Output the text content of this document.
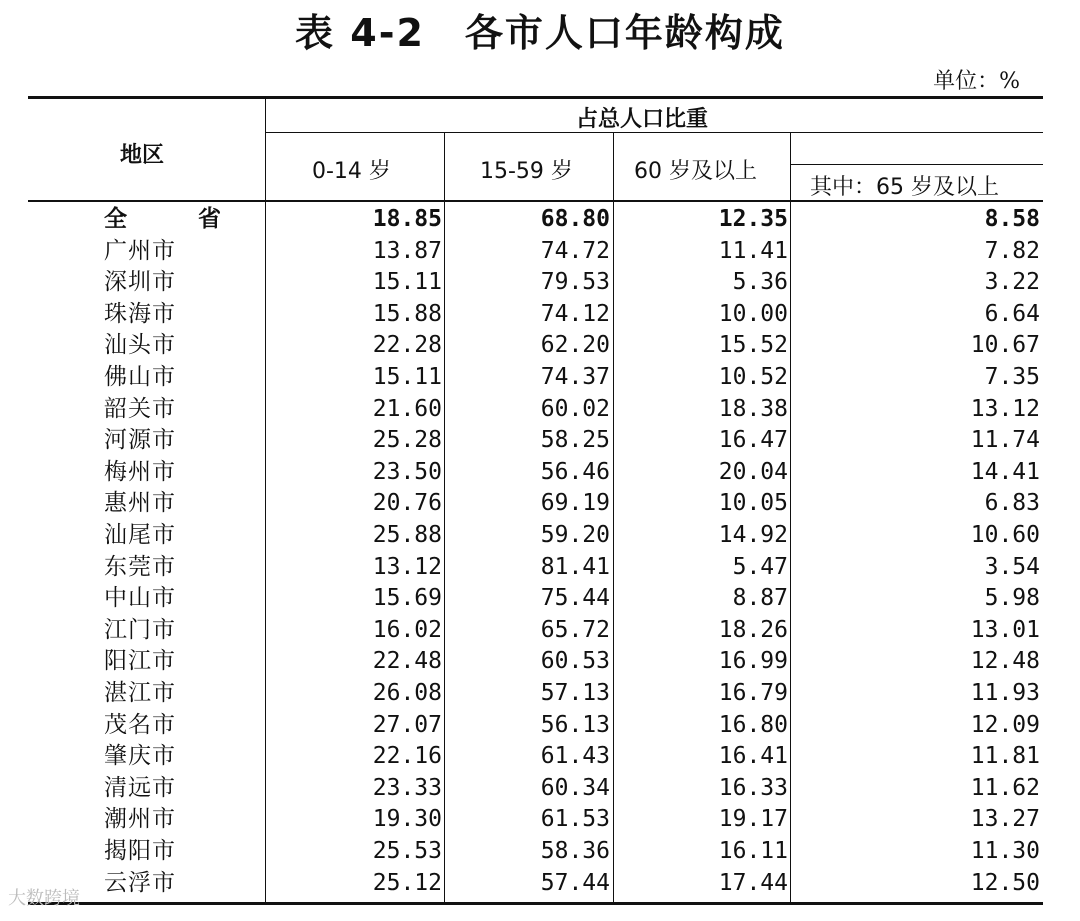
表 4-2　各市人口年龄构成
单位：%
地区
占总人口比重
0-14 岁	15-59 岁	60 岁及以上
其中：65 岁及以上
全　省	18.85	68.80	12.35	8.58
广州市	13.87	74.72	11.41	7.82
深圳市	15.11	79.53	5.36	3.22
珠海市	15.88	74.12	10.00	6.64
汕头市	22.28	62.20	15.52	10.67
佛山市	15.11	74.37	10.52	7.35
韶关市	21.60	60.02	18.38	13.12
河源市	25.28	58.25	16.47	11.74
梅州市	23.50	56.46	20.04	14.41
惠州市	20.76	69.19	10.05	6.83
汕尾市	25.88	59.20	14.92	10.60
东莞市	13.12	81.41	5.47	3.54
中山市	15.69	75.44	8.87	5.98
江门市	16.02	65.72	18.26	13.01
阳江市	22.48	60.53	16.99	12.48
湛江市	26.08	57.13	16.79	11.93
茂名市	27.07	56.13	16.80	12.09
肇庆市	22.16	61.43	16.41	11.81
清远市	23.33	60.34	16.33	11.62
潮州市	19.30	61.53	19.17	13.27
揭阳市	25.53	58.36	16.11	11.30
云浮市	25.12	57.44	17.44	12.50
大数跨境
